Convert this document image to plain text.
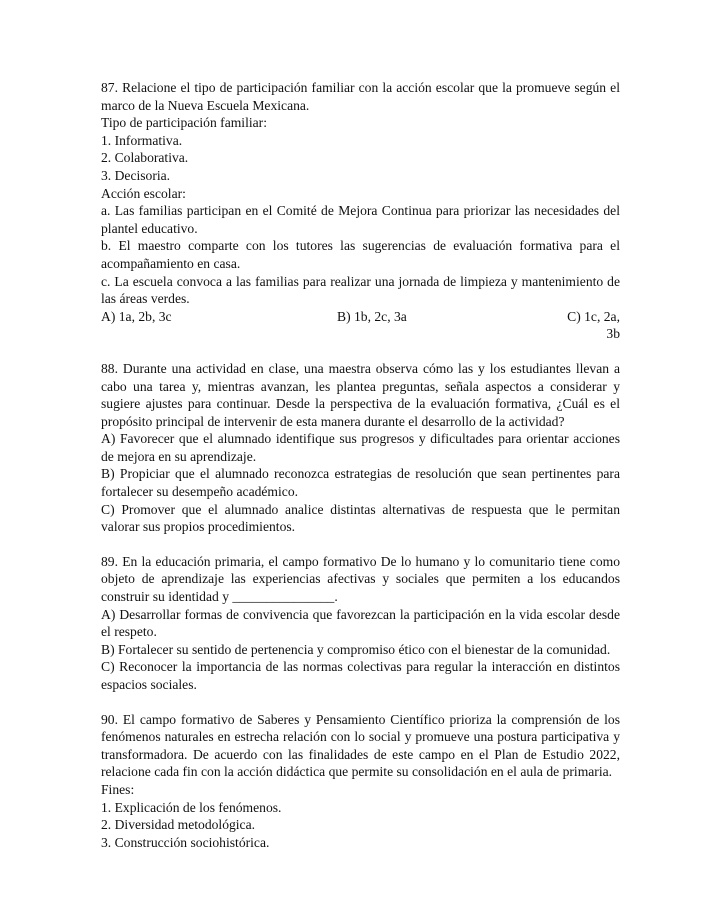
87. Relacione el tipo de participación familiar con la acción escolar que la promueve según el marco de la Nueva Escuela Mexicana.

Tipo de participación familiar:

1. Informativa.

2. Colaborativa.

3. Decisoria.

Acción escolar:

a. Las familias participan en el Comité de Mejora Continua para priorizar las necesidades del plantel educativo.

b. El maestro comparte con los tutores las sugerencias de evaluación formativa para el acompañamiento en casa.

c. La escuela convoca a las familias para realizar una jornada de limpieza y mantenimiento de las áreas verdes.

A) 1a, 2b, 3c	B) 1b, 2c, 3a	C) 1c, 2a, 3b

88. Durante una actividad en clase, una maestra observa cómo las y los estudiantes llevan a cabo una tarea y, mientras avanzan, les plantea preguntas, señala aspectos a considerar y sugiere ajustes para continuar. Desde la perspectiva de la evaluación formativa, ¿Cuál es el propósito principal de intervenir de esta manera durante el desarrollo de la actividad?

A) Favorecer que el alumnado identifique sus progresos y dificultades para orientar acciones de mejora en su aprendizaje.

B) Propiciar que el alumnado reconozca estrategias de resolución que sean pertinentes para fortalecer su desempeño académico.

C) Promover que el alumnado analice distintas alternativas de respuesta que le permitan valorar sus propios procedimientos.

89. En la educación primaria, el campo formativo De lo humano y lo comunitario tiene como objeto de aprendizaje las experiencias afectivas y sociales que permiten a los educandos construir su identidad y _______________.

A) Desarrollar formas de convivencia que favorezcan la participación en la vida escolar desde el respeto.

B) Fortalecer su sentido de pertenencia y compromiso ético con el bienestar de la comunidad.

C) Reconocer la importancia de las normas colectivas para regular la interacción en distintos espacios sociales.

90. El campo formativo de Saberes y Pensamiento Científico prioriza la comprensión de los fenómenos naturales en estrecha relación con lo social y promueve una postura participativa y transformadora. De acuerdo con las finalidades de este campo en el Plan de Estudio 2022, relacione cada fin con la acción didáctica que permite su consolidación en el aula de primaria.

Fines:

1. Explicación de los fenómenos.

2. Diversidad metodológica.

3. Construcción sociohistórica.
